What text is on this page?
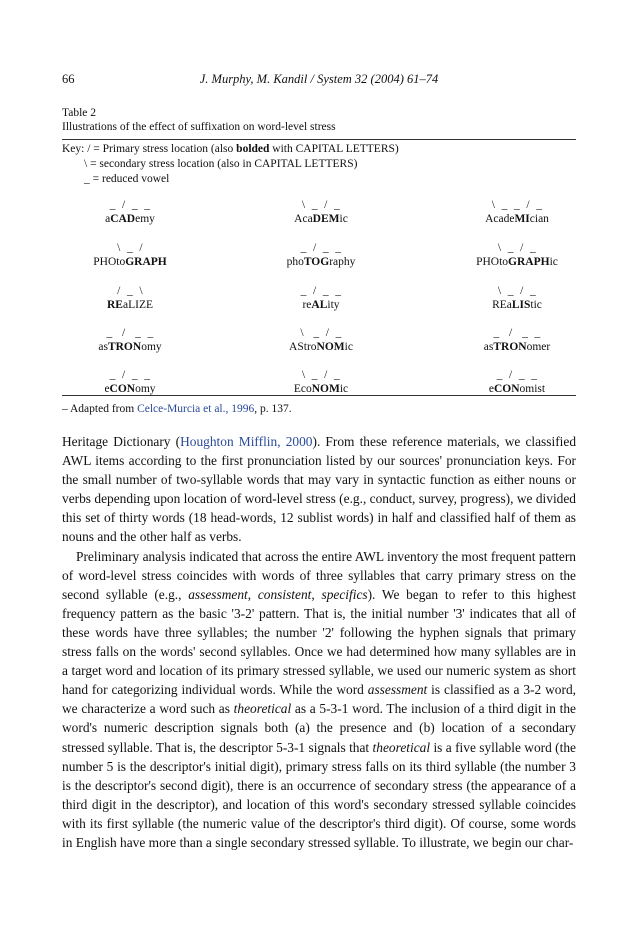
66	J. Murphy, M. Kandil / System 32 (2004) 61–74
Table 2
Illustrations of the effect of suffixation on word-level stress
Key: / = Primary stress location (also bolded with CAPITAL LETTERS)
\ = secondary stress location (also in CAPITAL LETTERS)
_ = reduced vowel
_  /  _  _
aCADemy
\  _  /  _
AcaDEMic
\  _  _  /  _
AcadeMIcian
\  _  /
PHOtoGRAPH
_  /  _  _
phoTOGraphy
\  _  /  _
PHOtoGRAPHic
/  _  \
REaLIZE
_  /  _  _
reALity
\  _  /  _
REaLIStic
_   /   _  _
asTRONomy
\   _  /  _
AStroNOMic
_   /   _  _
asTRONomer
_  /  _  _
eCONomy
\  _  /  _
EcoNOMic
_  /  _  _
eCONomist
– Adapted from Celce-Murcia et al., 1996, p. 137.

Heritage Dictionary (Houghton Mifflin, 2000). From these reference materials, we classified AWL items according to the first pronunciation listed by our sources' pronunciation keys. For the small number of two-syllable words that may vary in syntactic function as either nouns or verbs depending upon location of word-level stress (e.g., conduct, survey, progress), we divided this set of thirty words (18 head-words, 12 sublist words) in half and classified half of them as nouns and the other half as verbs.

Preliminary analysis indicated that across the entire AWL inventory the most frequent pattern of word-level stress coincides with words of three syllables that carry primary stress on the second syllable (e.g., assessment, consistent, specifics). We began to refer to this highest frequency pattern as the basic '3-2' pattern. That is, the initial number '3' indicates that all of these words have three syllables; the number '2' following the hyphen signals that primary stress falls on the words' second syllables. Once we had determined how many syllables are in a target word and location of its primary stressed syllable, we used our numeric system as short hand for categorizing individual words. While the word assessment is classified as a 3-2 word, we characterize a word such as theoretical as a 5-3-1 word. The inclusion of a third digit in the word's numeric description signals both (a) the presence and (b) location of a secondary stressed syllable. That is, the descriptor 5-3-1 signals that theoretical is a five syllable word (the number 5 is the descriptor's initial digit), primary stress falls on its third syllable (the number 3 is the descriptor's second digit), there is an occurrence of secondary stress (the appearance of a third digit in the descriptor), and location of this word's secondary stressed syllable coincides with its first syllable (the numeric value of the descriptor's third digit). Of course, some words in English have more than a single secondary stressed syllable. To illustrate, we begin our char-
